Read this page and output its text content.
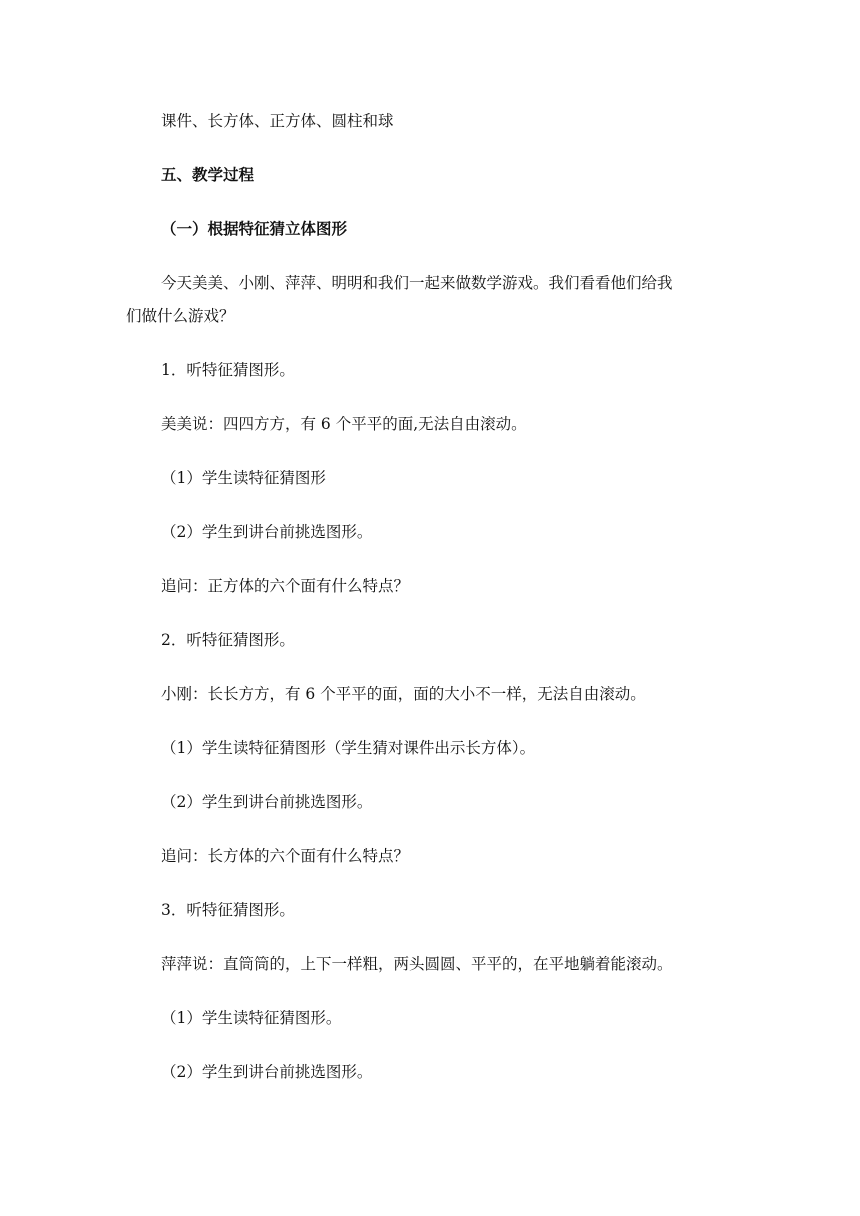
课件、长方体、正方体、圆柱和球
五、教学过程
（一）根据特征猜立体图形
今天美美、小刚、萍萍、明明和我们一起来做数学游戏。我们看看他们给我
们做什么游戏？
1．听特征猜图形。
美美说：四四方方，有 6 个平平的面,无法自由滚动。
（1）学生读特征猜图形
（2）学生到讲台前挑选图形。
追问：正方体的六个面有什么特点？
2．听特征猜图形。
小刚：长长方方，有 6 个平平的面，面的大小不一样，无法自由滚动。
（1）学生读特征猜图形（学生猜对课件出示长方体）。
（2）学生到讲台前挑选图形。
追问：长方体的六个面有什么特点？
3．听特征猜图形。
萍萍说：直筒筒的，上下一样粗，两头圆圆、平平的，在平地躺着能滚动。
（1）学生读特征猜图形。
（2）学生到讲台前挑选图形。
